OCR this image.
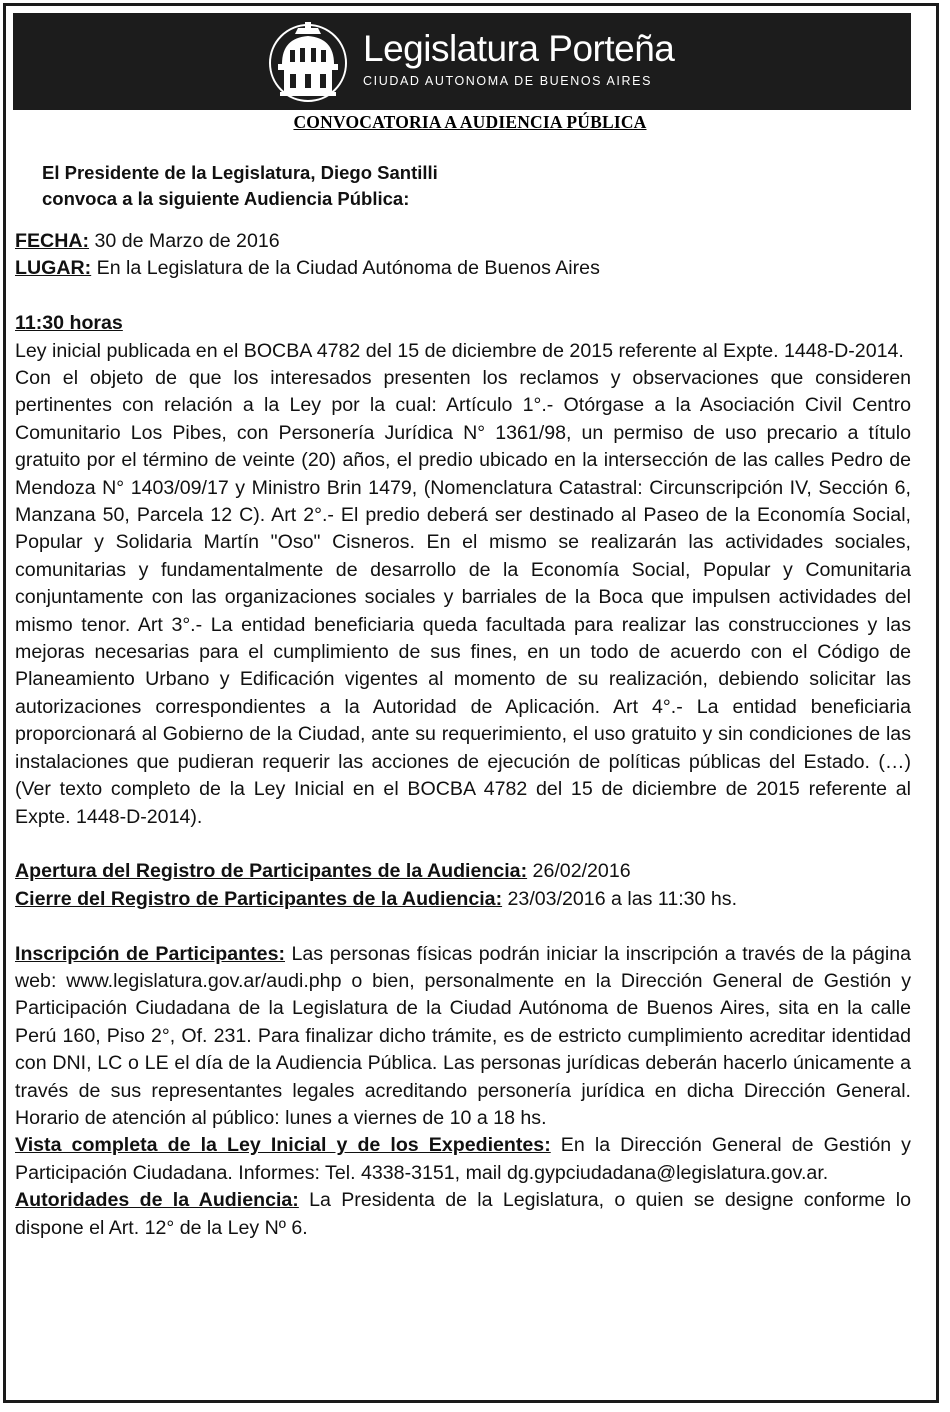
Legislatura Porteña
CIUDAD AUTONOMA DE BUENOS AIRES
CONVOCATORIA A AUDIENCIA PÚBLICA
El Presidente de la Legislatura, Diego Santilli
convoca a la siguiente Audiencia Pública:

FECHA: 30 de Marzo de 2016

LUGAR: En la Legislatura de la Ciudad Autónoma de Buenos Aires

11:30 horas

Ley inicial publicada en el BOCBA 4782 del 15 de diciembre de 2015 referente al Expte. 1448-D-2014.

Con el objeto de que los interesados presenten los reclamos y observaciones que consideren pertinentes con relación a la Ley por la cual: Artículo 1°.- Otórgase a la Asociación Civil Centro Comunitario Los Pibes, con Personería Jurídica N° 1361/98, un permiso de uso precario a título gratuito por el término de veinte (20) años, el predio ubicado en la intersección de las calles Pedro de Mendoza N° 1403/09/17 y Ministro Brin 1479, (Nomenclatura Catastral: Circunscripción IV, Sección 6, Manzana 50, Parcela 12 C). Art 2°.- El predio deberá ser destinado al Paseo de la Economía Social, Popular y Solidaria Martín "Oso" Cisneros. En el mismo se realizarán las actividades sociales, comunitarias y fundamentalmente de desarrollo de la Economía Social, Popular y Comunitaria conjuntamente con las organizaciones sociales y barriales de la Boca que impulsen actividades del mismo tenor. Art 3°.- La entidad beneficiaria queda facultada para realizar las construcciones y las mejoras necesarias para el cumplimiento de sus fines, en un todo de acuerdo con el Código de Planeamiento Urbano y Edificación vigentes al momento de su realización, debiendo solicitar las autorizaciones correspondientes a la Autoridad de Aplicación. Art 4°.- La entidad beneficiaria proporcionará al Gobierno de la Ciudad, ante su requerimiento, el uso gratuito y sin condiciones de las instalaciones que pudieran requerir las acciones de ejecución de políticas públicas del Estado. (…) (Ver texto completo de la Ley Inicial en el BOCBA 4782 del 15 de diciembre de 2015 referente al Expte. 1448-D-2014).

Apertura del Registro de Participantes de la Audiencia: 26/02/2016

Cierre del Registro de Participantes de la Audiencia: 23/03/2016 a las 11:30 hs.

Inscripción de Participantes: Las personas físicas podrán iniciar la inscripción a través de la página web: www.legislatura.gov.ar/audi.php o bien, personalmente en la Dirección General de Gestión y Participación Ciudadana de la Legislatura de la Ciudad Autónoma de Buenos Aires, sita en la calle Perú 160, Piso 2°, Of. 231. Para finalizar dicho trámite, es de estricto cumplimiento acreditar identidad con DNI, LC o LE el día de la Audiencia Pública. Las personas jurídicas deberán hacerlo únicamente a través de sus representantes legales acreditando personería jurídica en dicha Dirección General. Horario de atención al público: lunes a viernes de 10 a 18 hs.

Vista completa de la Ley Inicial y de los Expedientes: En la Dirección General de Gestión y Participación Ciudadana. Informes: Tel. 4338-3151, mail dg.gypciudadana@legislatura.gov.ar.

Autoridades de la Audiencia: La Presidenta de la Legislatura, o quien se designe conforme lo dispone el Art. 12° de la Ley Nº 6.
